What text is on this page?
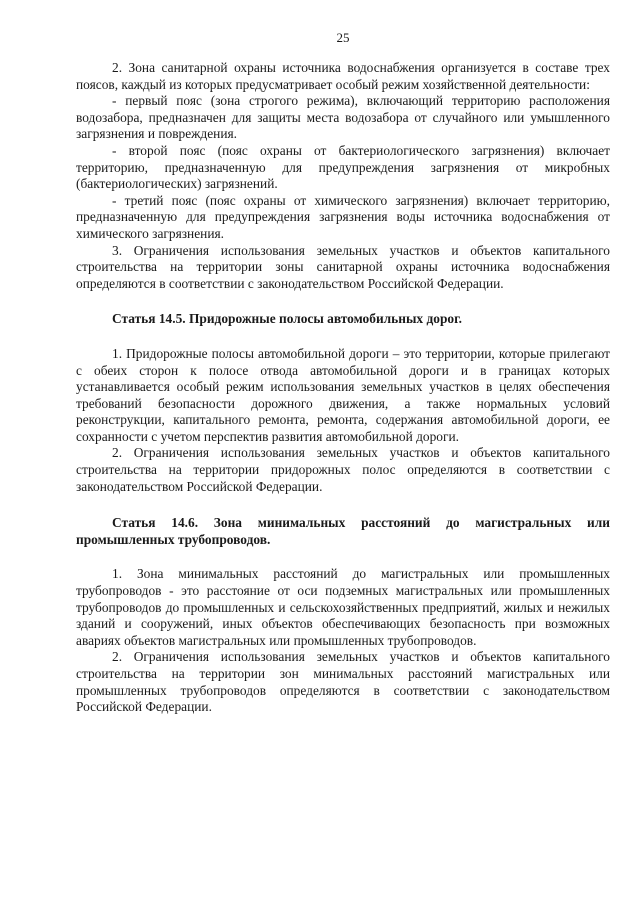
25

2. Зона санитарной охраны источника водоснабжения организуется в составе трех поясов, каждый из которых предусматривает особый режим хозяйственной деятельности:

- первый пояс (зона строгого режима), включающий территорию расположения водозабора, предназначен для защиты места водозабора от случайного или умышленного загрязнения и повреждения.

- второй пояс (пояс охраны от бактериологического загрязнения) включает территорию, предназначенную для предупреждения загрязнения от микробных (бактериологических) загрязнений.

- третий пояс (пояс охраны от химического загрязнения) включает территорию, предназначенную для предупреждения загрязнения воды источника водоснабжения от химического загрязнения.

3. Ограничения использования земельных участков и объектов капитального строительства на территории зоны санитарной охраны источника водоснабжения определяются в соответствии с законодательством Российской Федерации.

Статья 14.5. Придорожные полосы автомобильных дорог.

1. Придорожные полосы автомобильной дороги – это территории, которые прилегают с обеих сторон к полосе отвода автомобильной дороги и в границах которых устанавливается особый режим использования земельных участков в целях обеспечения требований безопасности дорожного движения, а также нормальных условий реконструкции, капитального ремонта, ремонта, содержания автомобильной дороги, ее сохранности с учетом перспектив развития автомобильной дороги.

2. Ограничения использования земельных участков и объектов капитального строительства на территории придорожных полос определяются в соответствии с законодательством Российской Федерации.

Статья 14.6. Зона минимальных расстояний до магистральных или промышленных трубопроводов.

1. Зона минимальных расстояний до магистральных или промышленных трубопроводов - это расстояние от оси подземных магистральных или промышленных трубопроводов до промышленных и сельскохозяйственных предприятий, жилых и нежилых зданий и сооружений, иных объектов обеспечивающих безопасность при возможных авариях объектов магистральных или промышленных трубопроводов.

2. Ограничения использования земельных участков и объектов капитального строительства на территории зон минимальных расстояний магистральных или промышленных трубопроводов определяются в соответствии с законодательством Российской Федерации.
